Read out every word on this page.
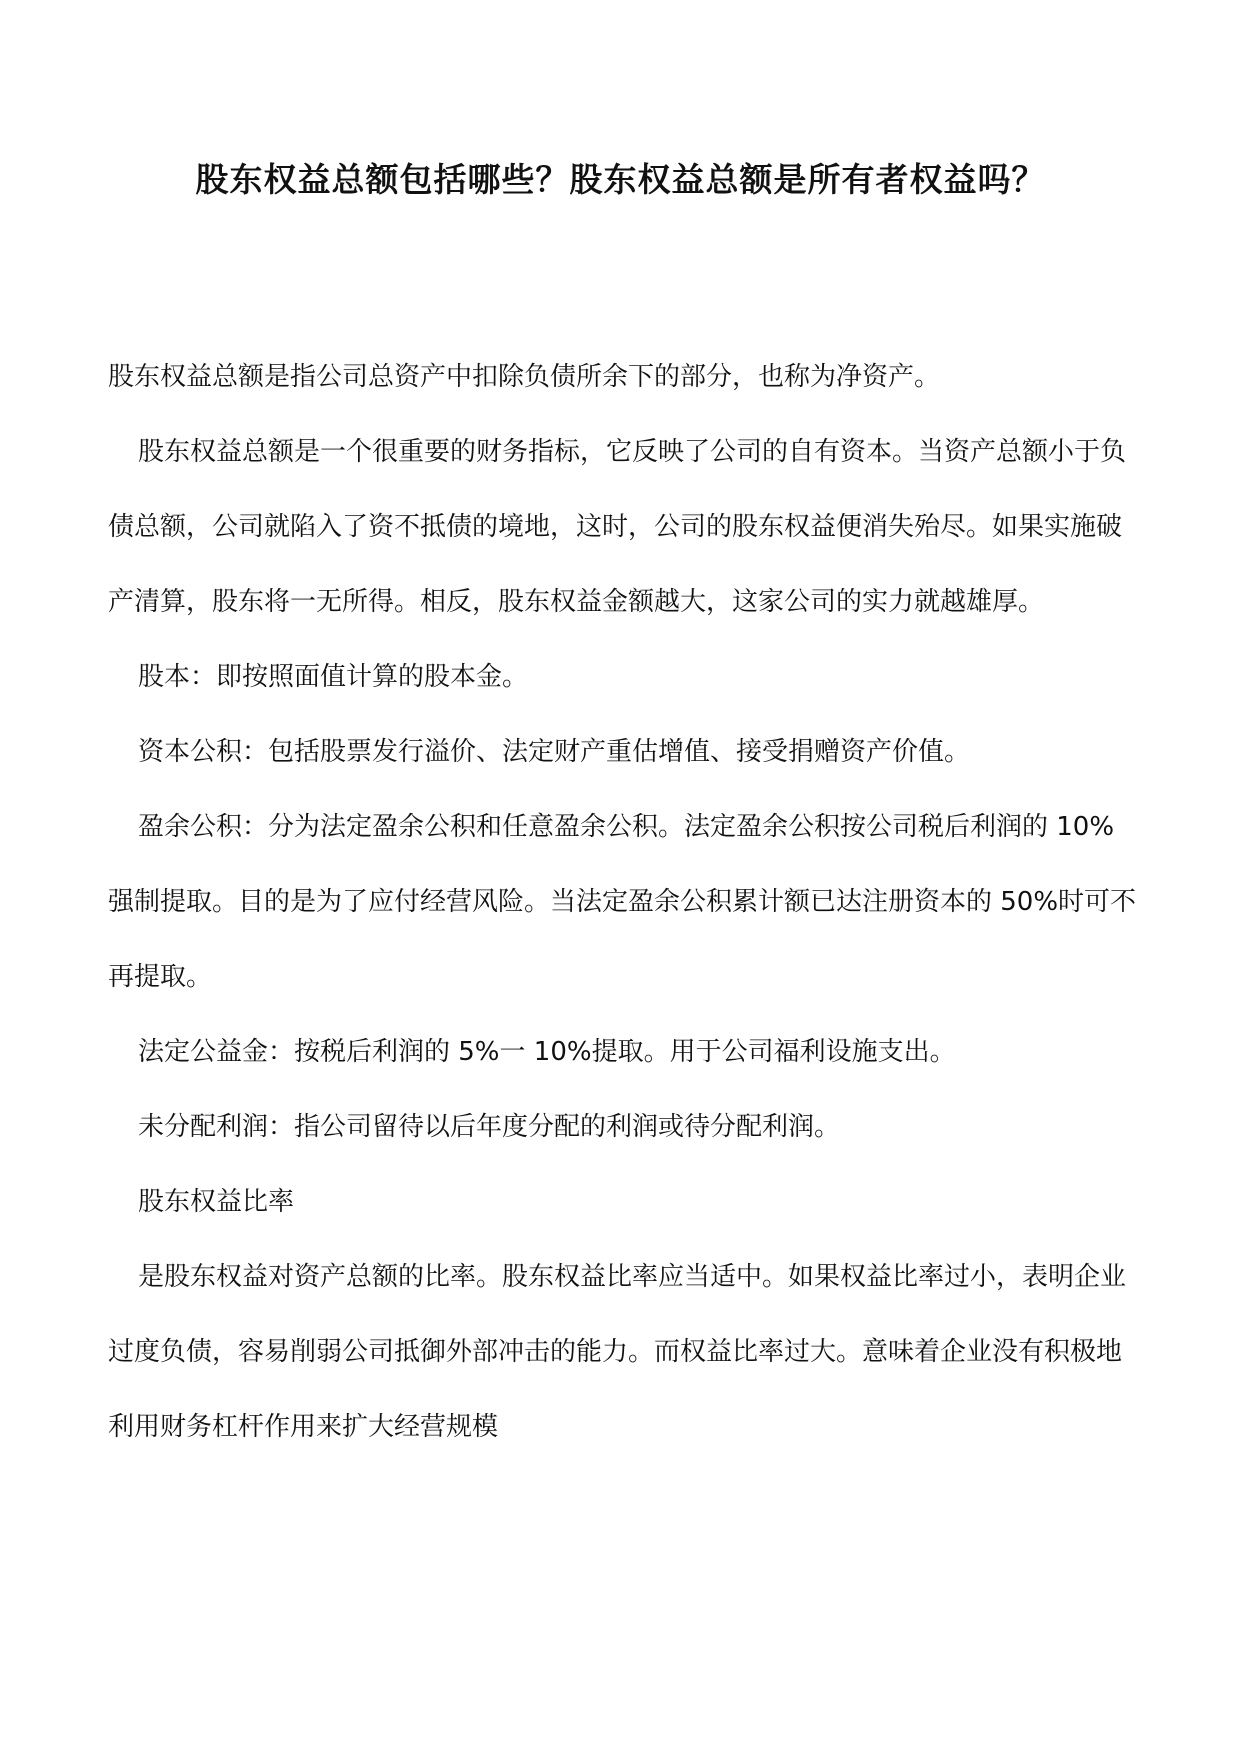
股东权益总额包括哪些？股东权益总额是所有者权益吗？

股东权益总额是指公司总资产中扣除负债所余下的部分，也称为净资产。

股东权益总额是一个很重要的财务指标，它反映了公司的自有资本。当资产总额小于负债总额，公司就陷入了资不抵债的境地，这时，公司的股东权益便消失殆尽。如果实施破产清算，股东将一无所得。相反，股东权益金额越大，这家公司的实力就越雄厚。

股本：即按照面值计算的股本金。

资本公积：包括股票发行溢价、法定财产重估增值、接受捐赠资产价值。

盈余公积：分为法定盈余公积和任意盈余公积。法定盈余公积按公司税后利润的 10%强制提取。目的是为了应付经营风险。当法定盈余公积累计额已达注册资本的 50%时可不再提取。

法定公益金：按税后利润的 5%一 10%提取。用于公司福利设施支出。

未分配利润：指公司留待以后年度分配的利润或待分配利润。

股东权益比率

是股东权益对资产总额的比率。股东权益比率应当适中。如果权益比率过小，表明企业过度负债，容易削弱公司抵御外部冲击的能力。而权益比率过大。意味着企业没有积极地利用财务杠杆作用来扩大经营规模
